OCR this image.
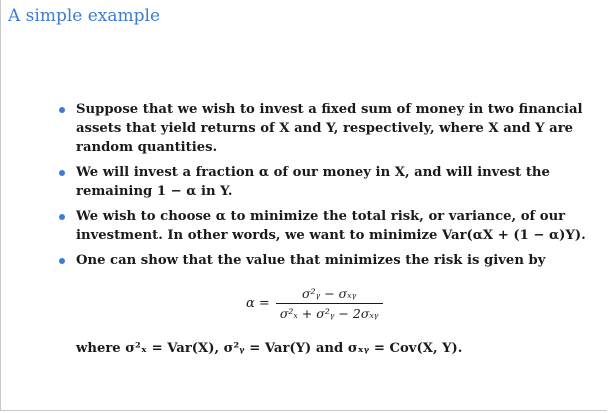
A simple example
Suppose that we wish to invest a fixed sum of money in two financial assets that yield returns of X and Y, respectively, where X and Y are random quantities.
We will invest a fraction α of our money in X, and will invest the remaining 1 − α in Y.
We wish to choose α to minimize the total risk, or variance, of our investment. In other words, we want to minimize Var(αX + (1 − α)Y).
One can show that the value that minimizes the risk is given by
$\alpha = \frac{\text{σ²ᵧ − σₓᵧ}}{\text{σ²ₓ + σ²ᵧ − 2σₓᵧ}}$
where σ²ₓ = Var(X), σ²ᵧ = Var(Y) and σₓᵧ = Cov(X, Y).
